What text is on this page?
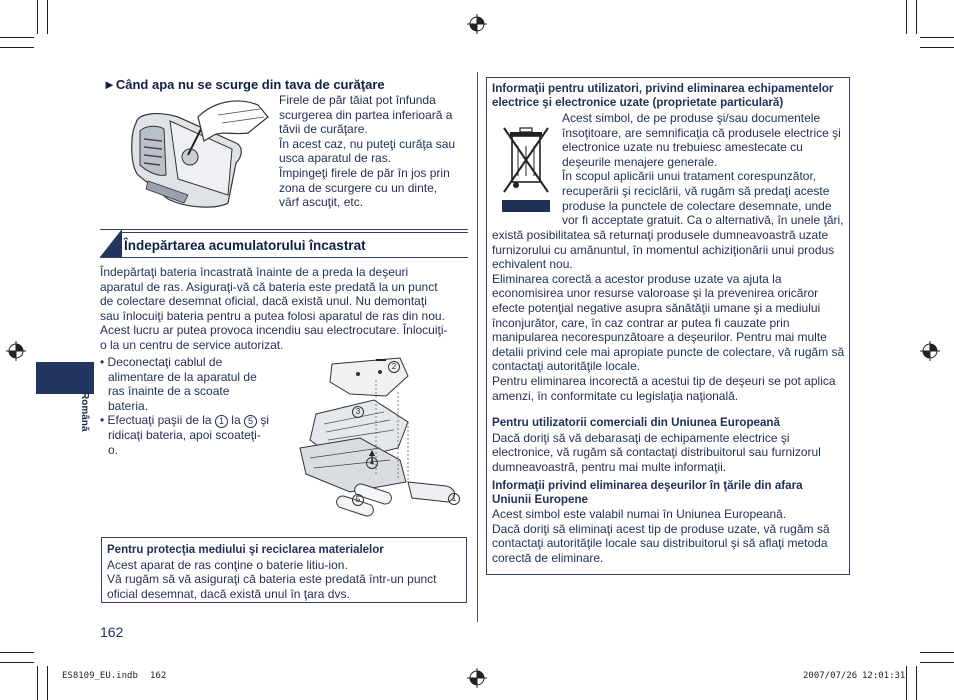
►Când apa nu se scurge din tava de curăţare
Firele de păr tăiat pot înfunda
scurgerea din partea inferioară a
tăvii de curăţare.
În acest caz, nu puteţi curăţa sau
usca aparatul de ras.
Împingeţi firele de păr în jos prin
zona de scurgere cu un dinte,
vârf ascuţit, etc.
Îndepărtarea acumulatorului încastrat
Îndepărtaţi bateria încastrată înainte de a preda la deşeuri
aparatul de ras. Asiguraţi-vă că bateria este predată la un punct
de colectare desemnat oficial, dacă există unul. Nu demontaţi
sau înlocuiţi bateria pentru a putea folosi aparatul de ras din nou.
Acest lucru ar putea provoca incendiu sau electrocutare. Înlocuiţi-
o la un centru de service autorizat.
• Deconectaţi cablul de
alimentare de la aparatul de
ras înainte de a scoate
bateria.
• Efectuaţi paşii de la 1 la 5 şi
ridicaţi bateria, apoi scoateţi-
o.
2
3
4
5	1
Pentru protecţia mediului şi reciclarea materialelor
Acest aparat de ras conţine o baterie litiu-ion.
Vă rugăm să vă asiguraţi că bateria este predată într-un punct
oficial desemnat, dacă există unul în ţara dvs.
162
Română
Informaţii pentru utilizatori, privind eliminarea echipamentelor
electrice şi electronice uzate (proprietate particulară)
Acest simbol, de pe produse şi/sau documentele
însoţitoare, are semnificaţia că produsele electrice şi
electronice uzate nu trebuiesc amestecate cu
deşeurile menajere generale.
În scopul aplicării unui tratament corespunzător,
recuperării şi reciclării, vă rugăm să predaţi aceste
produse la punctele de colectare desemnate, unde
vor fi acceptate gratuit. Ca o alternativă, în unele ţări,
există posibilitatea să returnaţi produsele dumneavoastră uzate
furnizorului cu amănuntul, în momentul achiziţionării unui produs
echivalent nou.
Eliminarea corectă a acestor produse uzate va ajuta la
economisirea unor resurse valoroase şi la prevenirea oricăror
efecte potenţial negative asupra sănătăţii umane şi a mediului
înconjurător, care, în caz contrar ar putea fi cauzate prin
manipularea necorespunzătoare a deşeurilor. Pentru mai multe
detalii privind cele mai apropiate puncte de colectare, vă rugăm să
contactaţi autorităţile locale.
Pentru eliminarea incorectă a acestui tip de deşeuri se pot aplica
amenzi, în conformitate cu legislaţia naţională.
Pentru utilizatorii comerciali din Uniunea Europeană
Dacă doriţi să vă debarasaţi de echipamente electrice şi
electronice, vă rugăm să contactaţi distribuitorul sau furnizorul
dumneavoastră, pentru mai multe informaţii.
Informaţii privind eliminarea deşeurilor în ţările din afara
Uniunii Europene
Acest simbol este valabil numai în Uniunea Europeană.
Dacă doriţi să eliminaţi acest tip de produse uzate, vă rugăm să
contactaţi autorităţile locale sau distribuitorul şi să aflaţi metoda
corectă de eliminare.
ES8109_EU.indb 162	2007/07/26 12:01:31
